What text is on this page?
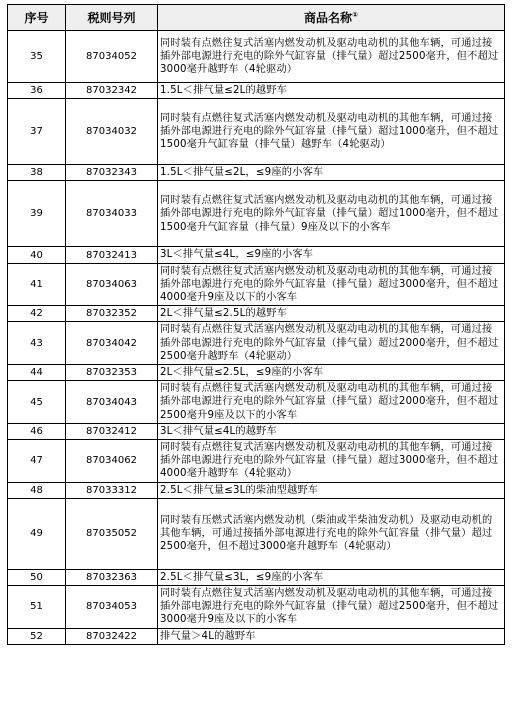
序号	税则号列	商品名称①
35	87034052	同时装有点燃往复式活塞内燃发动机及驱动电动机的其他车辆，可通过接插外部电源进行充电的除外气缸容量（排气量）超过2500毫升，但不超过3000毫升越野车（4轮驱动）
36	87032342	1.5L＜排气量≤2L的越野车
37	87034032	同时装有点燃往复式活塞内燃发动机及驱动电动机的其他车辆，可通过接插外部电源进行充电的除外气缸容量（排气量）超过1000毫升，但不超过1500毫升气缸容量（排气量）越野车（4轮驱动）
38	87032343	1.5L＜排气量≤2L，≤9座的小客车
39	87034033	同时装有点燃往复式活塞内燃发动机及驱动电动机的其他车辆，可通过接插外部电源进行充电的除外气缸容量（排气量）超过1000毫升，但不超过1500毫升气缸容量（排气量）9座及以下的小客车
40	87032413	3L＜排气量≤4L，≤9座的小客车
41	87034063	同时装有点燃往复式活塞内燃发动机及驱动电动机的其他车辆，可通过接插外部电源进行充电的除外气缸容量（排气量）超过3000毫升，但不超过4000毫升9座及以下的小客车
42	87032352	2L＜排气量≤2.5L的越野车
43	87034042	同时装有点燃往复式活塞内燃发动机及驱动电动机的其他车辆，可通过接插外部电源进行充电的除外气缸容量（排气量）超过2000毫升，但不超过2500毫升越野车（4轮驱动）
44	87032353	2L＜排气量≤2.5L，≤9座的小客车
45	87034043	同时装有点燃往复式活塞内燃发动机及驱动电动机的其他车辆，可通过接插外部电源进行充电的除外气缸容量（排气量）超过2000毫升，但不超过2500毫升9座及以下的小客车
46	87032412	3L＜排气量≤4L的越野车
47	87034062	同时装有点燃往复式活塞内燃发动机及驱动电动机的其他车辆，可通过接插外部电源进行充电的除外气缸容量（排气量）超过3000毫升，但不超过4000毫升越野车（4轮驱动）
48	87033312	2.5L＜排气量≤3L的柴油型越野车
49	87035052	同时装有压燃式活塞内燃发动机（柴油或半柴油发动机）及驱动电动机的其他车辆，可通过接插外部电源进行充电的除外气缸容量（排气量）超过2500毫升，但不超过3000毫升越野车（4轮驱动）
50	87032363	2.5L＜排气量≤3L，≤9座的小客车
51	87034053	同时装有点燃往复式活塞内燃发动机及驱动电动机的其他车辆，可通过接插外部电源进行充电的除外气缸容量（排气量）超过2500毫升，但不超过3000毫升9座及以下的小客车
52	87032422	排气量＞4L的越野车
